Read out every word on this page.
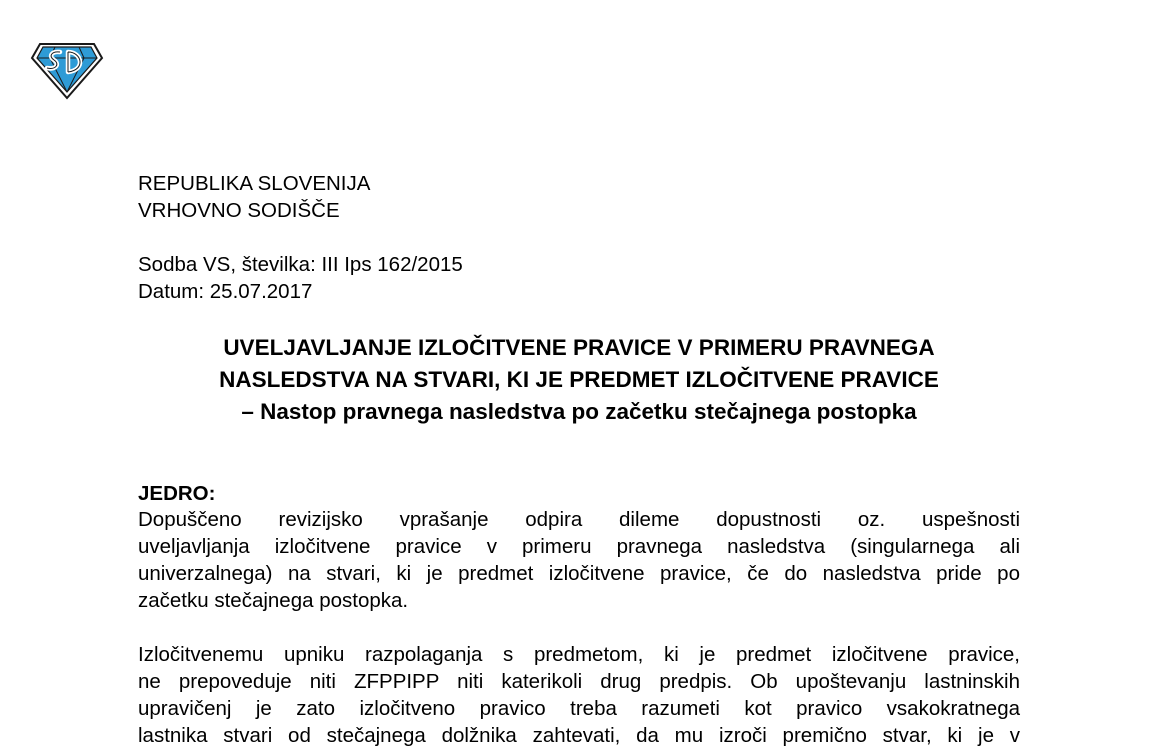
REPUBLIKA SLOVENIJA
VRHOVNO SODIŠČE
Sodba VS, številka: III Ips 162/2015
Datum: 25.07.2017
UVELJAVLJANJE IZLOČITVENE PRAVICE V PRIMERU PRAVNEGA
NASLEDSTVA NA STVARI, KI JE PREDMET IZLOČITVENE PRAVICE
– Nastop pravnega nasledstva po začetku stečajnega postopka
JEDRO:
Dopuščeno revizijsko vprašanje odpira dileme dopustnosti oz. uspešnosti
uveljavljanja izločitvene pravice v primeru pravnega nasledstva (singularnega ali
univerzalnega) na stvari, ki je predmet izločitvene pravice, če do nasledstva pride po
začetku stečajnega postopka.
Izločitvenemu upniku razpolaganja s predmetom, ki je predmet izločitvene pravice,
ne prepoveduje niti ZFPPIPP niti katerikoli drug predpis. Ob upoštevanju lastninskih
upravičenj je zato izločitveno pravico treba razumeti kot pravico vsakokratnega
lastnika stvari od stečajnega dolžnika zahtevati, da mu izroči premično stvar, ki je v
